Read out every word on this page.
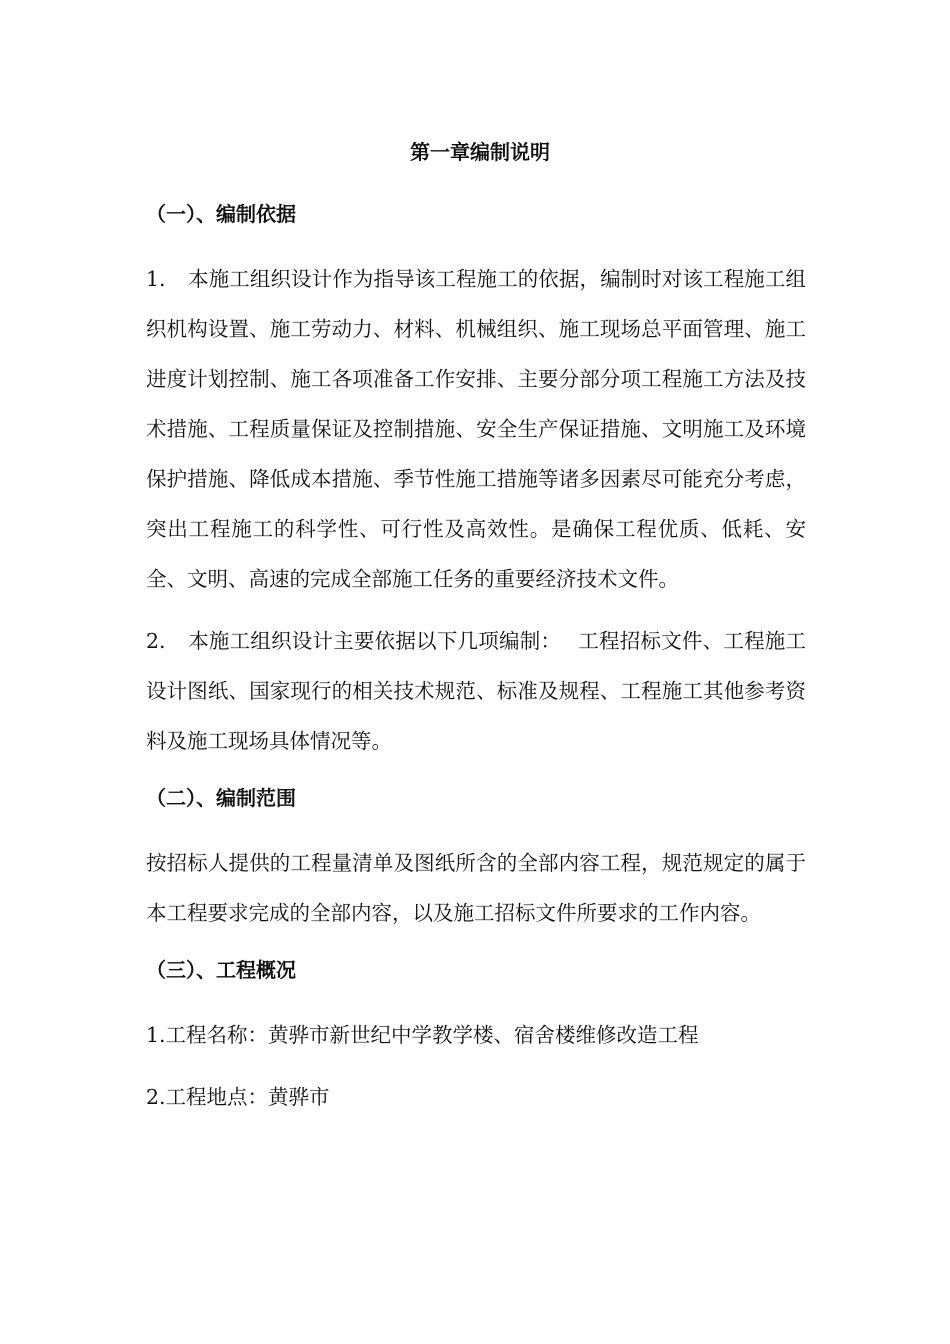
第一章编制说明
（一）、编制依据

1. 本施工组织设计作为指导该工程施工的依据，编制时对该工程施工组织机构设置、施工劳动力、材料、机械组织、施工现场总平面管理、施工进度计划控制、施工各项准备工作安排、主要分部分项工程施工方法及技术措施、工程质量保证及控制措施、安全生产保证措施、文明施工及环境保护措施、降低成本措施、季节性施工措施等诸多因素尽可能充分考虑，突出工程施工的科学性、可行性及高效性。是确保工程优质、低耗、安全、文明、高速的完成全部施工任务的重要经济技术文件。

2. 本施工组织设计主要依据以下几项编制：　 工程招标文件、工程施工设计图纸、国家现行的相关技术规范、标准及规程、工程施工其他参考资料及施工现场具体情况等。

（二）、编制范围

按招标人提供的工程量清单及图纸所含的全部内容工程，规范规定的属于本工程要求完成的全部内容，以及施工招标文件所要求的工作内容。

（三）、工程概况
1.工程名称：黄骅市新世纪中学教学楼、宿舍楼维修改造工程
2.工程地点：黄骅市
